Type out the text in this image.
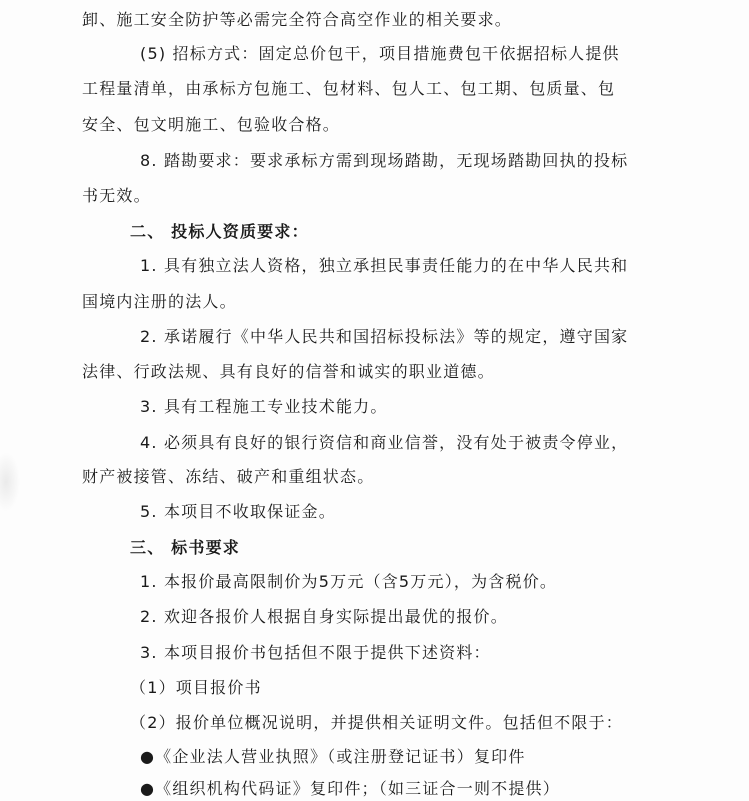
卸、施工安全防护等必需完全符合高空作业的相关要求。
(5) 招标方式：固定总价包干，项目措施费包干依据招标人提供
工程量清单，由承标方包施工、包材料、包人工、包工期、包质量、包
安全、包文明施工、包验收合格。
8. 踏勘要求：要求承标方需到现场踏勘，无现场踏勘回执的投标
书无效。
二、 投标人资质要求：
1. 具有独立法人资格，独立承担民事责任能力的在中华人民共和
国境内注册的法人。
2. 承诺履行《中华人民共和国招标投标法》等的规定，遵守国家
法律、行政法规、具有良好的信誉和诚实的职业道德。
3. 具有工程施工专业技术能力。
4. 必须具有良好的银行资信和商业信誉，没有处于被责令停业，
财产被接管、冻结、破产和重组状态。
5. 本项目不收取保证金。
三、 标书要求
1. 本报价最高限制价为5万元（含5万元），为含税价。
2. 欢迎各报价人根据自身实际提出最优的报价。
3. 本项目报价书包括但不限于提供下述资料：
（1）项目报价书
（2）报价单位概况说明，并提供相关证明文件。包括但不限于：
●《企业法人营业执照》（或注册登记证书）复印件
●《组织机构代码证》复印件；（如三证合一则不提供）
